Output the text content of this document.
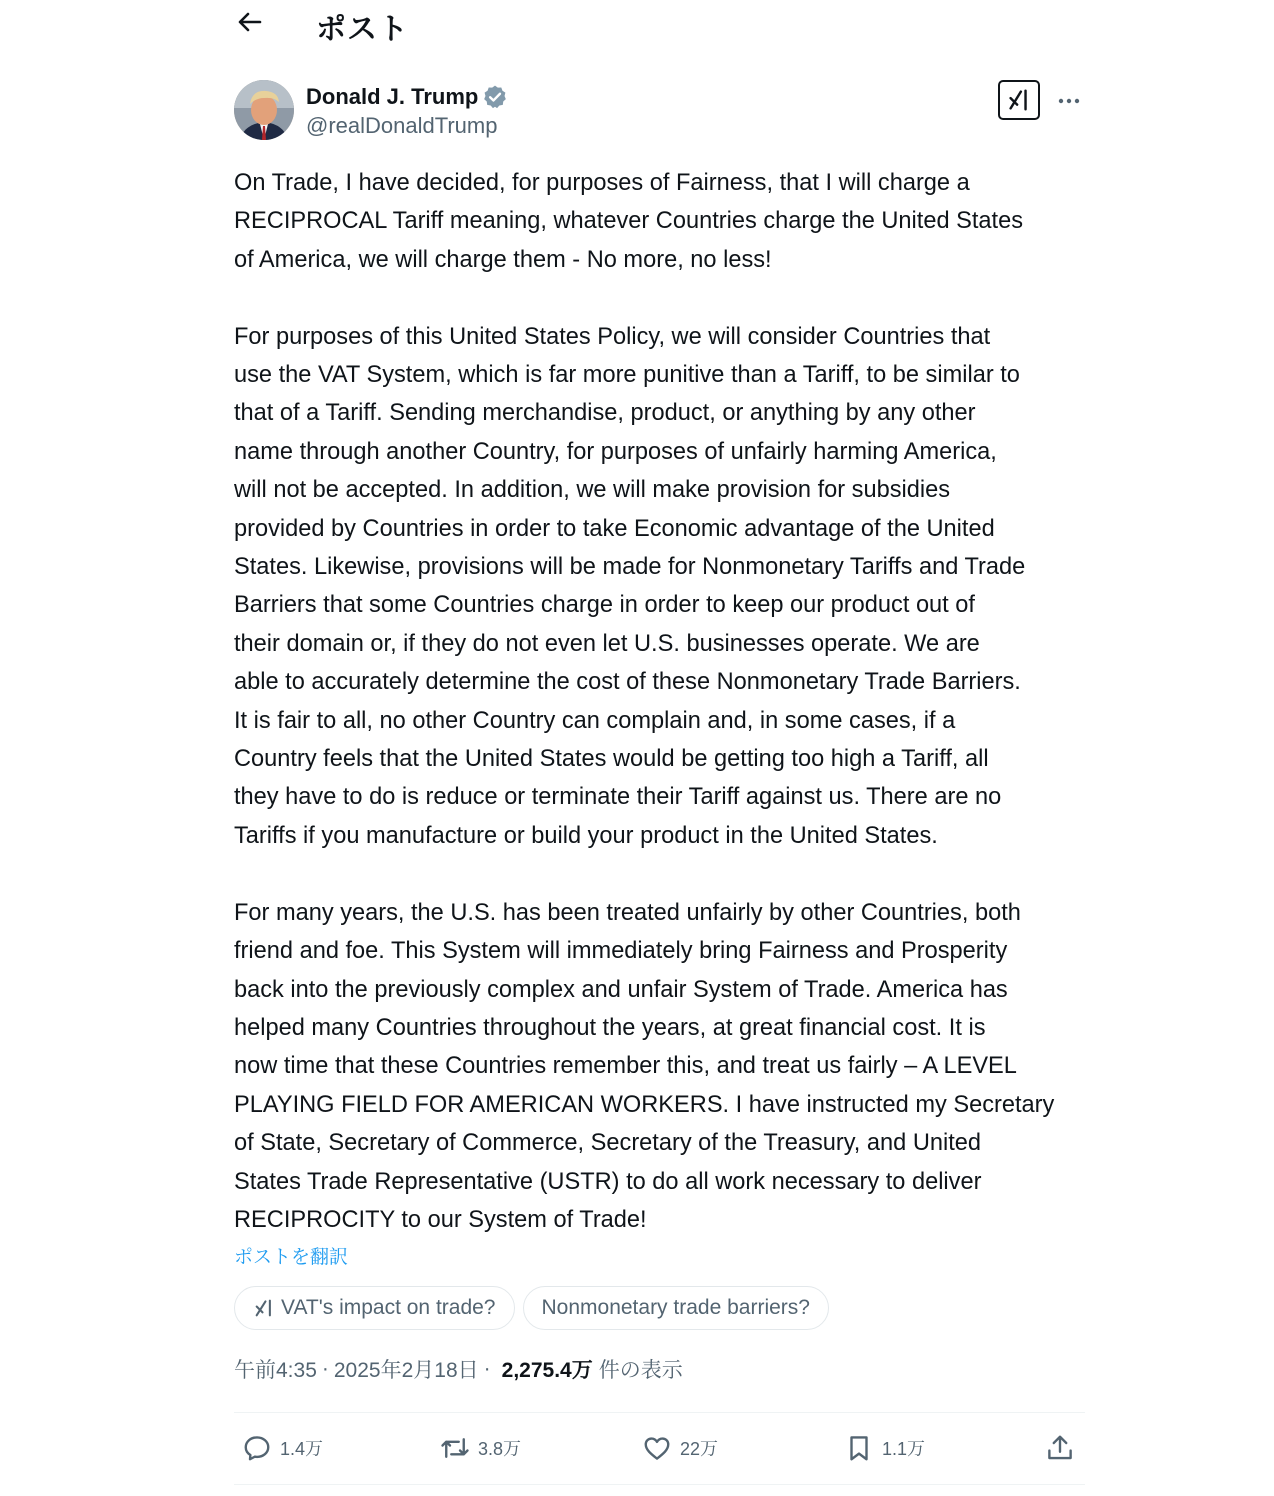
ポスト
Donald J. Trump
@realDonaldTrump

On Trade, I have decided, for purposes of Fairness, that I will charge a
RECIPROCAL Tariff meaning, whatever Countries charge the United States
of America, we will charge them - No more, no less!

For purposes of this United States Policy, we will consider Countries that
use the VAT System, which is far more punitive than a Tariff, to be similar to
that of a Tariff. Sending merchandise, product, or anything by any other
name through another Country, for purposes of unfairly harming America,
will not be accepted. In addition, we will make provision for subsidies
provided by Countries in order to take Economic advantage of the United
States. Likewise, provisions will be made for Nonmonetary Tariffs and Trade
Barriers that some Countries charge in order to keep our product out of
their domain or, if they do not even let U.S. businesses operate. We are
able to accurately determine the cost of these Nonmonetary Trade Barriers.
It is fair to all, no other Country can complain and, in some cases, if a
Country feels that the United States would be getting too high a Tariff, all
they have to do is reduce or terminate their Tariff against us. There are no
Tariffs if you manufacture or build your product in the United States.

For many years, the U.S. has been treated unfairly by other Countries, both
friend and foe. This System will immediately bring Fairness and Prosperity
back into the previously complex and unfair System of Trade. America has
helped many Countries throughout the years, at great financial cost. It is
now time that these Countries remember this, and treat us fairly – A LEVEL
PLAYING FIELD FOR AMERICAN WORKERS. I have instructed my Secretary
of State, Secretary of Commerce, Secretary of the Treasury, and United
States Trade Representative (USTR) to do all work necessary to deliver
RECIPROCITY to our System of Trade!

ポストを翻訳
VAT's impact on trade? Nonmonetary trade barriers?
午前4:35 · 2025年2月18日 · 2,275.4万 件の表示
1.4万	3.8万	22万	1.1万
